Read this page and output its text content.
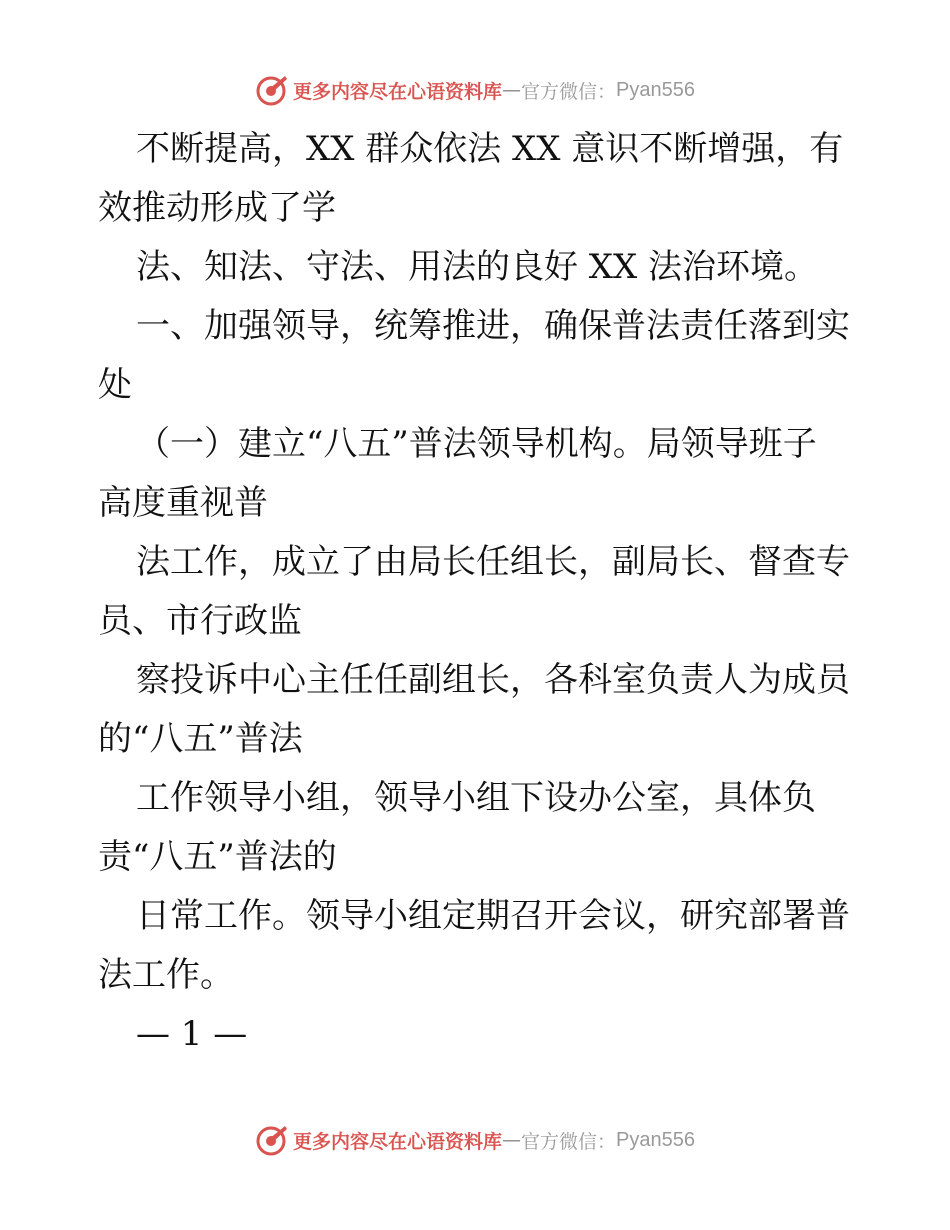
更多内容尽在心语资料库 — 官方微信： Pyan556
不断提高，XX 群众依法 XX 意识不断增强，有
效推动形成了学
法、知法、守法、用法的良好 XX 法治环境。
一、加强领导，统筹推进，确保普法责任落到实
处
（一）建立“八五”普法领导机构。局领导班子
高度重视普
法工作，成立了由局长任组长，副局长、督查专
员、市行政监
察投诉中心主任任副组长，各科室负责人为成员
的“八五”普法
工作领导小组，领导小组下设办公室，具体负
责“八五”普法的
日常工作。领导小组定期召开会议，研究部署普
法工作。
— 1 —
更多内容尽在心语资料库 — 官方微信： Pyan556
